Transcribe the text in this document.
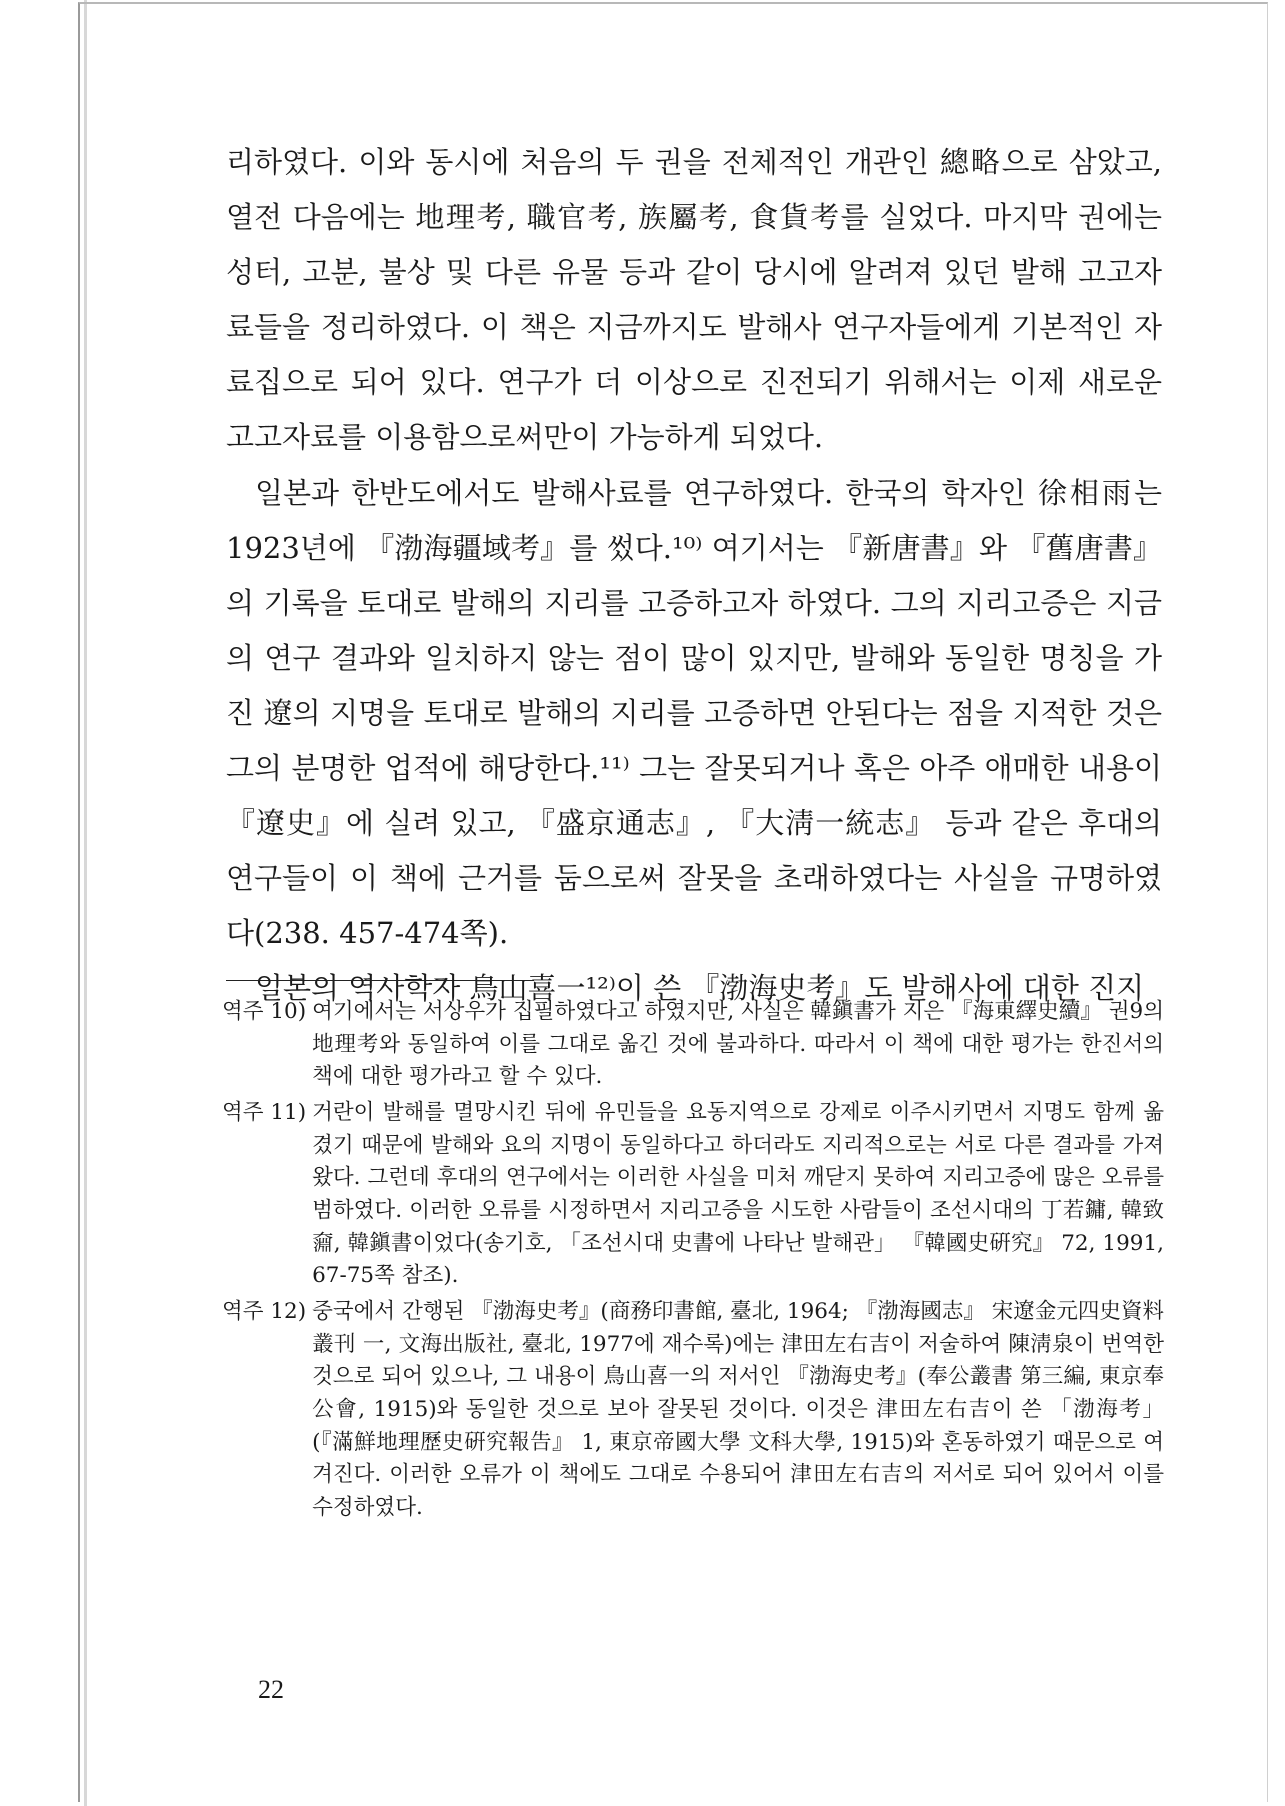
리하였다. 이와 동시에 처음의 두 권을 전체적인 개관인 總略으로 삼았고, 열전 다음에는 地理考, 職官考, 族屬考, 食貨考를 실었다. 마지막 권에는 성터, 고분, 불상 및 다른 유물 등과 같이 당시에 알려져 있던 발해 고고자료들을 정리하였다. 이 책은 지금까지도 발해사 연구자들에게 기본적인 자료집으로 되어 있다. 연구가 더 이상으로 진전되기 위해서는 이제 새로운 고고자료를 이용함으로써만이 가능하게 되었다.

일본과 한반도에서도 발해사료를 연구하였다. 한국의 학자인 徐相雨는 1923년에 『渤海疆域考』를 썼다.¹⁰⁾ 여기서는 『新唐書』와 『舊唐書』의 기록을 토대로 발해의 지리를 고증하고자 하였다. 그의 지리고증은 지금의 연구 결과와 일치하지 않는 점이 많이 있지만, 발해와 동일한 명칭을 가진 遼의 지명을 토대로 발해의 지리를 고증하면 안된다는 점을 지적한 것은 그의 분명한 업적에 해당한다.¹¹⁾ 그는 잘못되거나 혹은 아주 애매한 내용이 『遼史』에 실려 있고, 『盛京通志』, 『大淸一統志』 등과 같은 후대의 연구들이 이 책에 근거를 둠으로써 잘못을 초래하였다는 사실을 규명하였다(238. 457-474쪽).

일본의 역사학자 鳥山喜一¹²⁾이 쓴 『渤海史考』도 발해사에 대한 진지

역주 10) 여기에서는 서상우가 집필하였다고 하였지만, 사실은 韓鎭書가 지은 『海東繹史續』 권9의 地理考와 동일하여 이를 그대로 옮긴 것에 불과하다. 따라서 이 책에 대한 평가는 한진서의 책에 대한 평가라고 할 수 있다.
역주 11) 거란이 발해를 멸망시킨 뒤에 유민들을 요동지역으로 강제로 이주시키면서 지명도 함께 옮겼기 때문에 발해와 요의 지명이 동일하다고 하더라도 지리적으로는 서로 다른 결과를 가져왔다. 그런데 후대의 연구에서는 이러한 사실을 미처 깨닫지 못하여 지리고증에 많은 오류를 범하였다. 이러한 오류를 시정하면서 지리고증을 시도한 사람들이 조선시대의 丁若鏞, 韓致奫, 韓鎭書이었다(송기호, 「조선시대 史書에 나타난 발해관」 『韓國史硏究』 72, 1991, 67-75쪽 참조).
역주 12) 중국에서 간행된 『渤海史考』(商務印書館, 臺北, 1964; 『渤海國志』 宋遼金元四史資料叢刊 一, 文海出版社, 臺北, 1977에 재수록)에는 津田左右吉이 저술하여 陳淸泉이 번역한 것으로 되어 있으나, 그 내용이 鳥山喜一의 저서인 『渤海史考』(奉公叢書 第三編, 東京奉公會, 1915)와 동일한 것으로 보아 잘못된 것이다. 이것은 津田左右吉이 쓴 「渤海考」(『滿鮮地理歷史硏究報告』 1, 東京帝國大學 文科大學, 1915)와 혼동하였기 때문으로 여겨진다. 이러한 오류가 이 책에도 그대로 수용되어 津田左右吉의 저서로 되어 있어서 이를 수정하였다.
22
